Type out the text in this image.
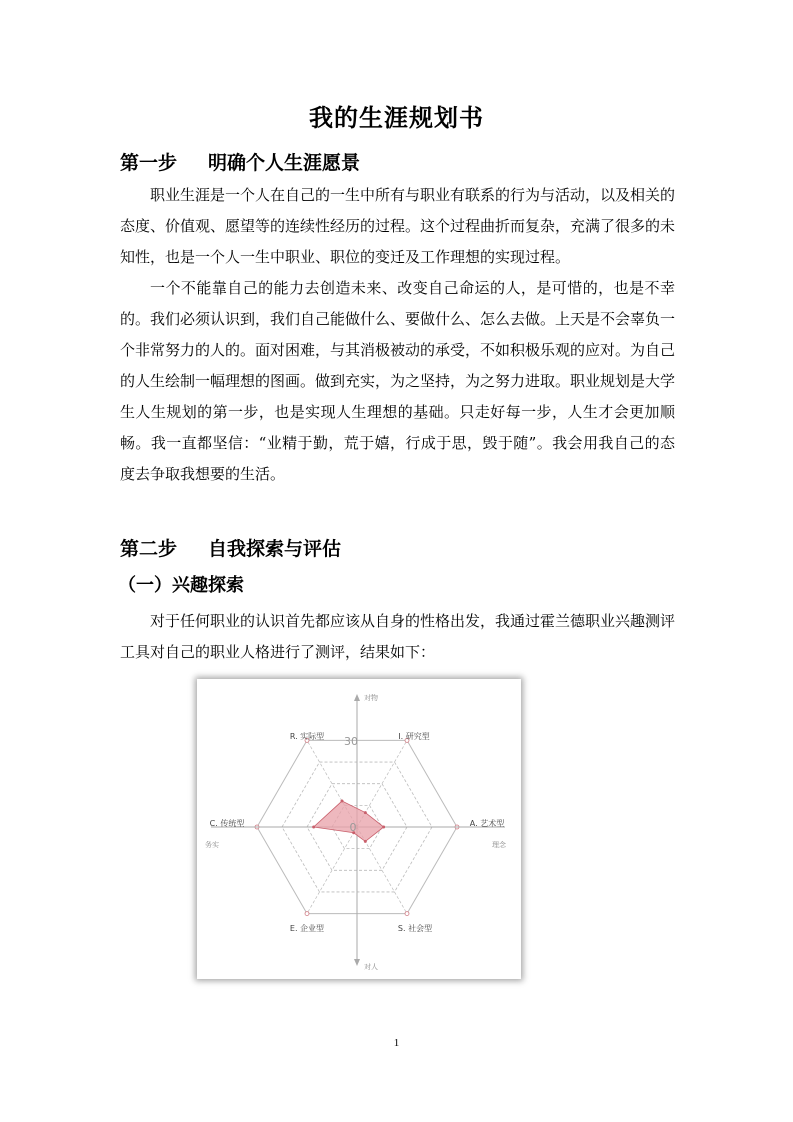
我的生涯规划书
第一步 明确个人生涯愿景

职业生涯是一个人在自己的一生中所有与职业有联系的行为与活动，以及相关的态度、价值观、愿望等的连续性经历的过程。这个过程曲折而复杂，充满了很多的未知性，也是一个人一生中职业、职位的变迁及工作理想的实现过程。

一个不能靠自己的能力去创造未来、改变自己命运的人，是可惜的，也是不幸的。我们必须认识到，我们自己能做什么、要做什么、怎么去做。上天是不会辜负一个非常努力的人的。面对困难，与其消极被动的承受，不如积极乐观的应对。为自己的人生绘制一幅理想的图画。做到充实，为之坚持，为之努力进取。职业规划是大学生人生规划的第一步，也是实现人生理想的基础。只走好每一步，人生才会更加顺畅。我一直都坚信：“业精于勤，荒于嬉，行成于思，毁于随”。我会用我自己的态度去争取我想要的生活。

第二步 自我探索与评估
（一）兴趣探索

对于任何职业的认识首先都应该从自身的性格出发，我通过霍兰德职业兴趣测评工具对自己的职业人格进行了测评，结果如下：

R. 实际型	I. 研究型
A. 艺术型
S. 社会型
E. 企业型
C. 传统型
对物
对人
务实	理念
30
0
1
